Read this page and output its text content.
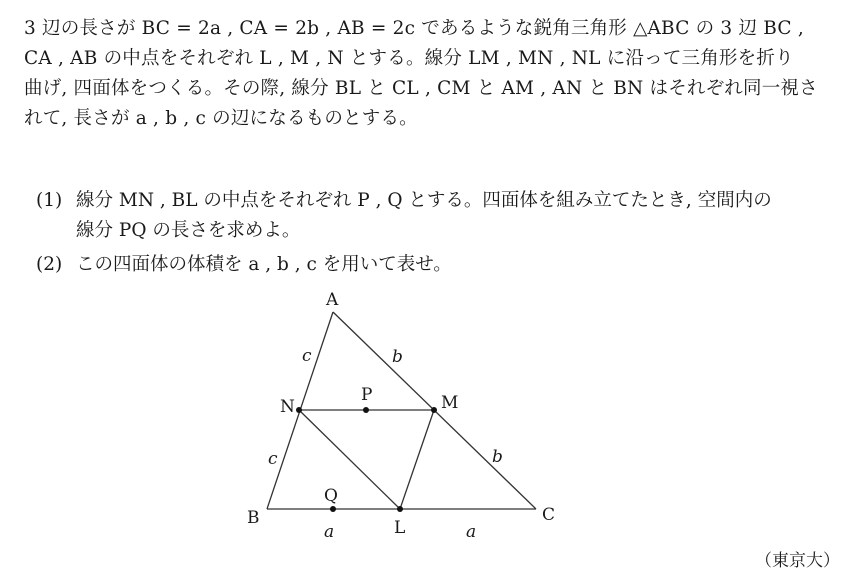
3 辺の長さが BC = 2a , CA = 2b , AB = 2c であるような鋭角三角形 △ABC の 3 辺 BC ,
CA , AB の中点をそれぞれ L , M , N とする。線分 LM , MN , NL に沿って三角形を折り
曲げ, 四面体をつくる。その際, 線分 BL と CL , CM と AM , AN と BN はそれぞれ同一視さ
れて, 長さが a , b , c の辺になるものとする。
(1) 線分 MN , BL の中点をそれぞれ P , Q とする。四面体を組み立てたとき, 空間内の
線分 PQ の長さを求めよ。
(2) この四面体の体積を a , b , c を用いて表せ。
A
B	C
N	M
P
L
Q
c
c
b
b
a	a
（東京大）
